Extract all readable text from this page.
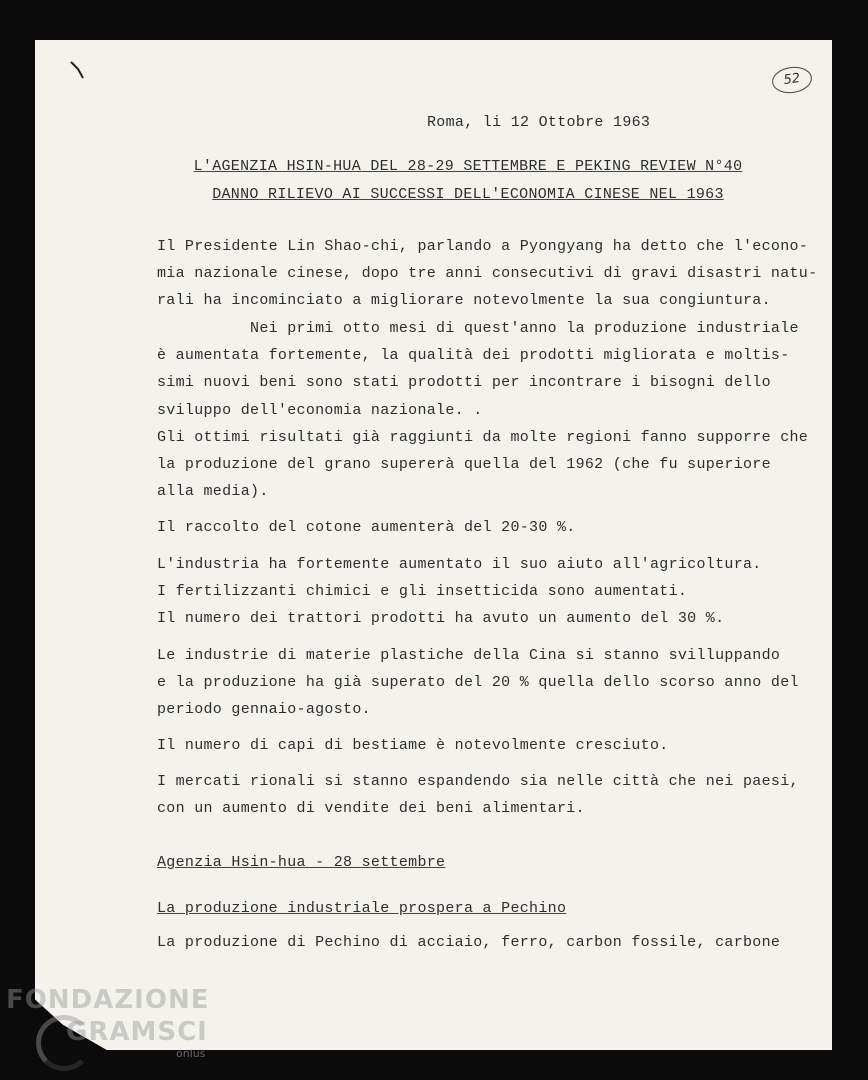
52
Roma, li 12 Ottobre 1963
L'AGENZIA HSIN-HUA DEL 28-29 SETTEMBRE E PEKING REVIEW N°40
DANNO RILIEVO AI SUCCESSI DELL'ECONOMIA CINESE NEL 1963
Il Presidente Lin Shao-chi, parlando a Pyongyang ha detto che l'econo-
mia nazionale cinese, dopo tre anni consecutivi di gravi disastri natu-
rali ha incominciato a migliorare notevolmente la sua congiuntura.
Nei primi otto mesi di quest'anno la produzione industriale
è aumentata fortemente, la qualità dei prodotti migliorata e moltis-
simi nuovi beni sono stati prodotti per incontrare i bisogni dello
sviluppo dell'economia nazionale. .
Gli ottimi risultati già raggiunti da molte regioni fanno supporre che
la produzione del grano supererà quella del 1962 (che fu superiore
alla media).
Il raccolto del cotone aumenterà del 20-30 %.
L'industria ha fortemente aumentato il suo aiuto all'agricoltura.
I fertilizzanti chimici e gli insetticida sono aumentati.
Il numero dei trattori prodotti ha avuto un aumento del 30 %.
Le industrie di materie plastiche della Cina si stanno svilluppando
e la produzione ha già superato del 20 % quella dello scorso anno del
periodo gennaio-agosto.
Il numero di capi di bestiame è notevolmente cresciuto.
I mercati rionali si stanno espandendo sia nelle città che nei paesi,
con un aumento di vendite dei beni alimentari.
Agenzia Hsin-hua - 28 settembre
La produzione industriale prospera a Pechino
La produzione di Pechino di acciaio, ferro, carbon fossile, carbone
FONDAZIONE
GRAMSCI
onlus
